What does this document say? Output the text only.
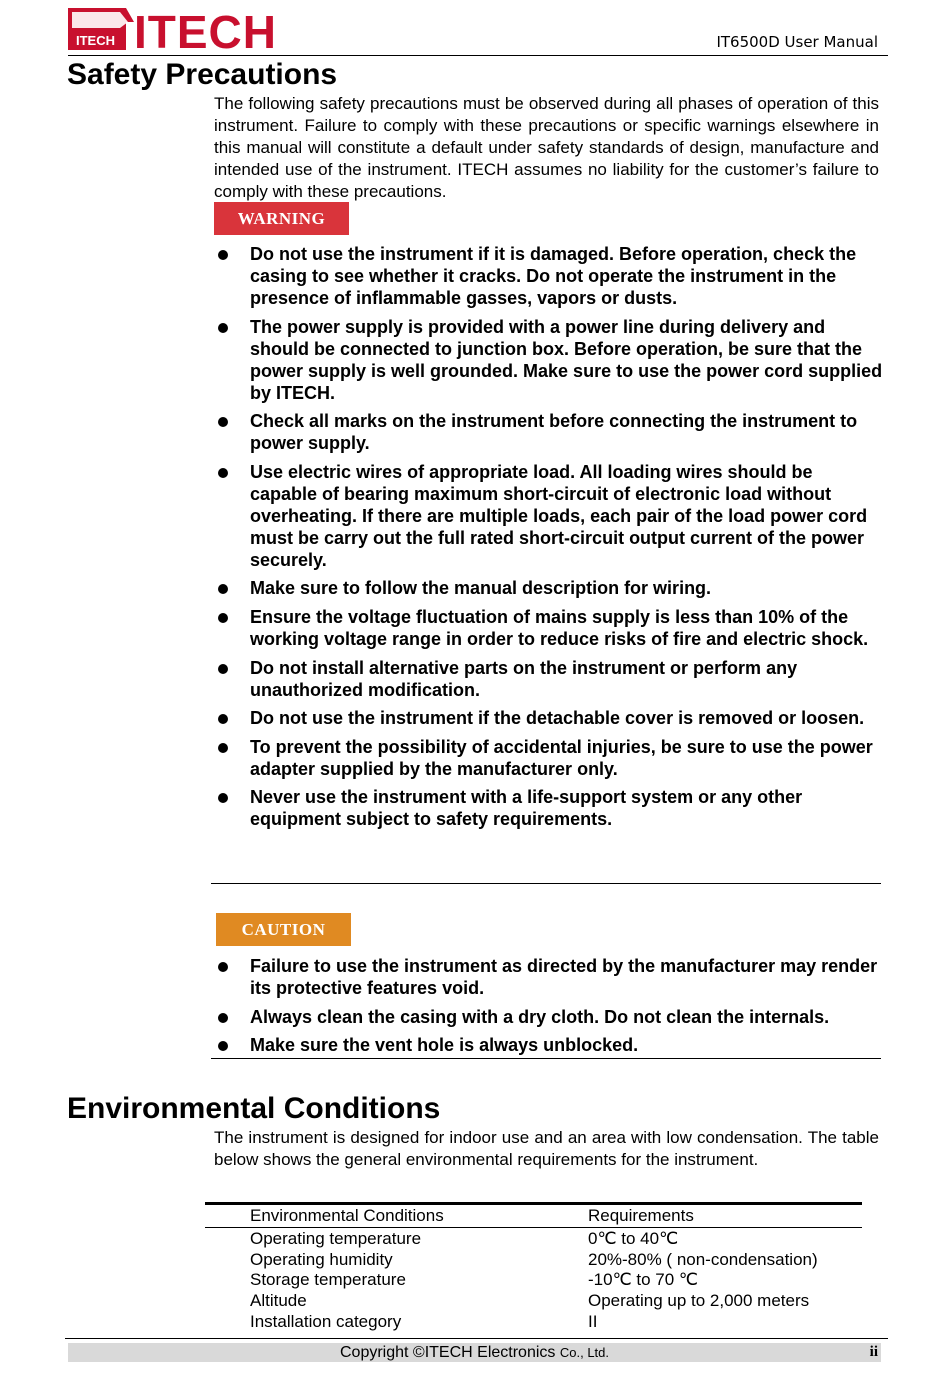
ITECH ITECH	IT6500D User Manual
Safety Precautions
The following safety precautions must be observed during all phases of operation of this instrument. Failure to comply with these precautions or specific warnings elsewhere in this manual will constitute a default under safety standards of design, manufacture and intended use of the instrument. ITECH assumes no liability for the customer’s failure to comply with these precautions.
WARNING
Do not use the instrument if it is damaged. Before operation, check the casing to see whether it cracks. Do not operate the instrument in the presence of inflammable gasses, vapors or dusts.
The power supply is provided with a power line during delivery and should be connected to junction box. Before operation, be sure that the power supply is well grounded. Make sure to use the power cord supplied by ITECH.
Check all marks on the instrument before connecting the instrument to power supply.
Use electric wires of appropriate load. All loading wires should be capable of bearing maximum short-circuit of electronic load without overheating. If there are multiple loads, each pair of the load power cord must be carry out the full rated short-circuit output current of the power securely.
Make sure to follow the manual description for wiring.
Ensure the voltage fluctuation of mains supply is less than 10% of the working voltage range in order to reduce risks of fire and electric shock.
Do not install alternative parts on the instrument or perform any unauthorized modification.
Do not use the instrument if the detachable cover is removed or loosen.
To prevent the possibility of accidental injuries, be sure to use the power adapter supplied by the manufacturer only.
Never use the instrument with a life-support system or any other equipment subject to safety requirements.
CAUTION
Failure to use the instrument as directed by the manufacturer may render its protective features void.
Always clean the casing with a dry cloth. Do not clean the internals.
Make sure the vent hole is always unblocked.
Environmental Conditions
The instrument is designed for indoor use and an area with low condensation. The table below shows the general environmental requirements for the instrument.
Environmental Conditions	Requirements
Operating temperature	0℃ to 40℃
Operating humidity	20%-80% ( non-condensation)
Storage temperature	-10℃ to 70 ℃
Altitude	Operating up to 2,000 meters
Installation category	II
Copyright ©ITECH Electronics Co., Ltd.	ii
